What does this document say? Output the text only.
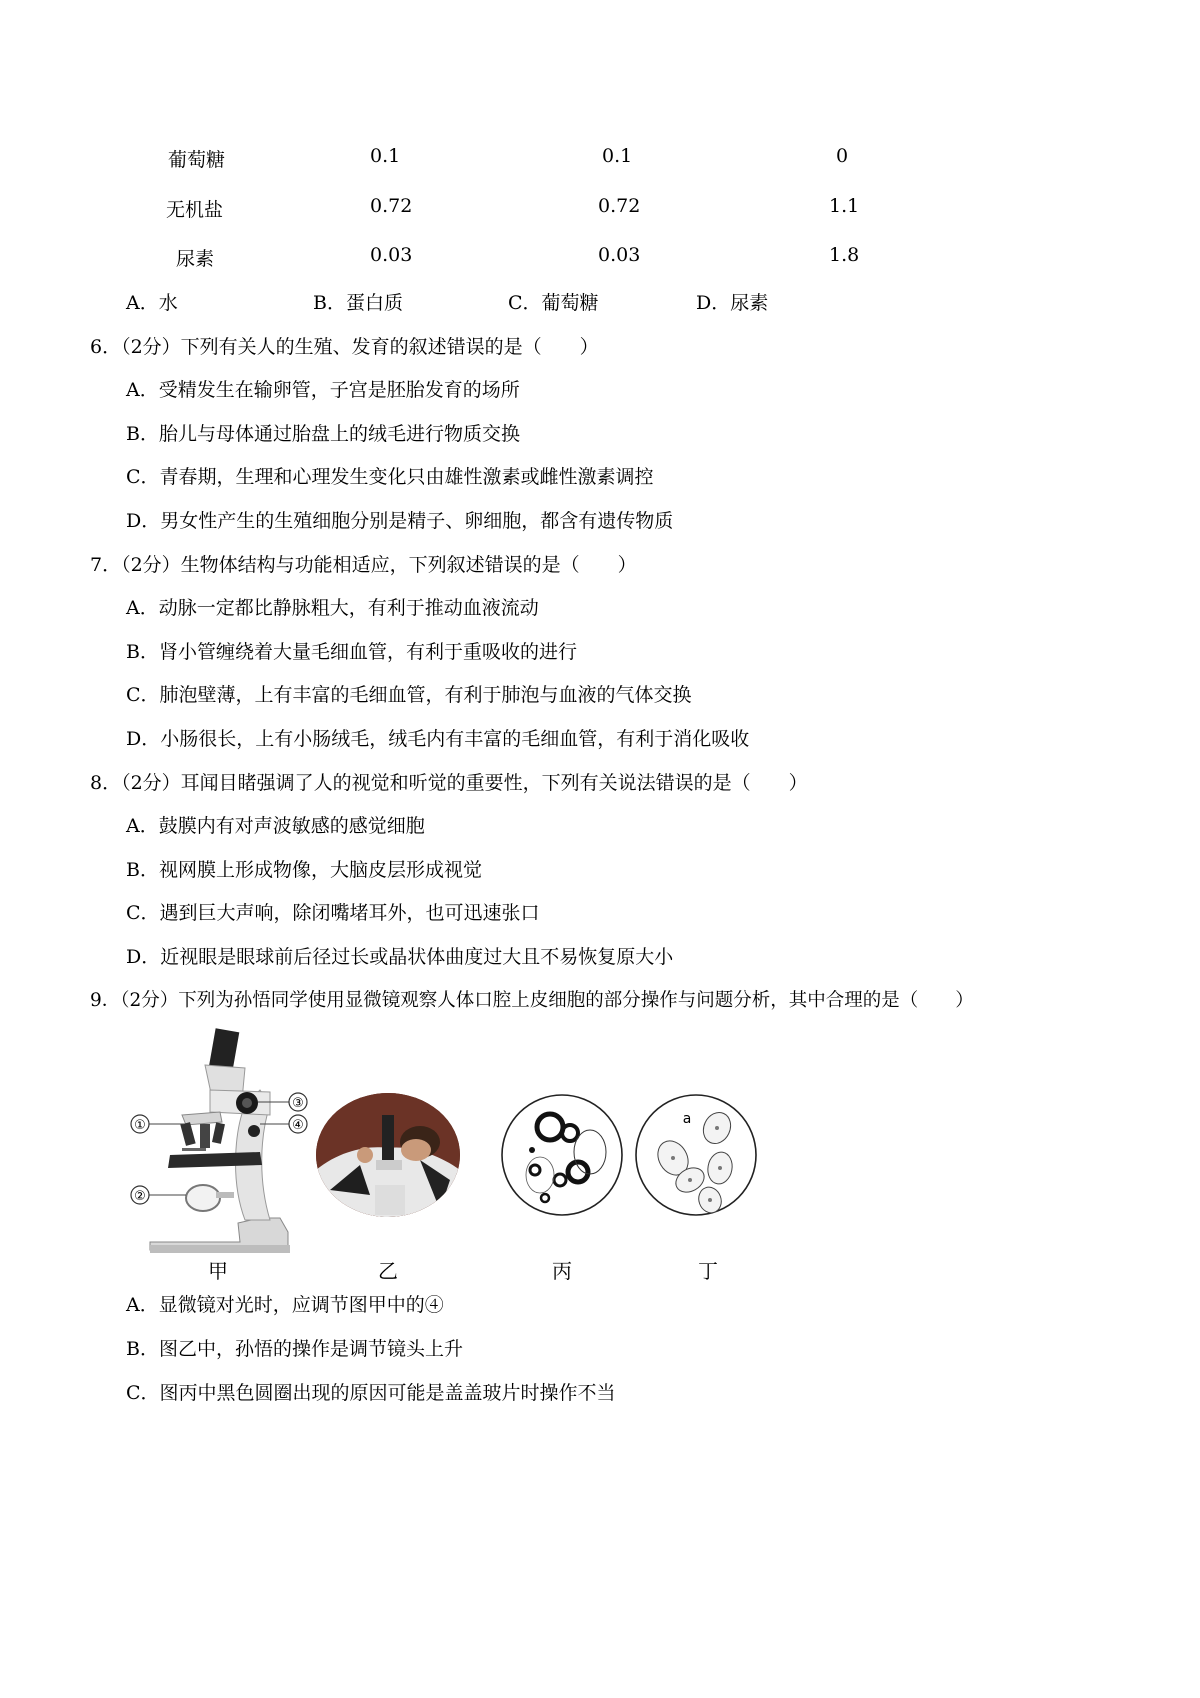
葡萄糖	0.1	0.1	0
无机盐	0.72	0.72	1.1
尿素	0.03	0.03	1.8
A．水	B．蛋白质	C．葡萄糖	D．尿素
6．（2分）下列有关人的生殖、发育的叙述错误的是（　　）
A．受精发生在输卵管，子宫是胚胎发育的场所
B．胎儿与母体通过胎盘上的绒毛进行物质交换
C．青春期，生理和心理发生变化只由雄性激素或雌性激素调控
D．男女性产生的生殖细胞分别是精子、卵细胞，都含有遗传物质
7．（2分）生物体结构与功能相适应，下列叙述错误的是（　　）
A．动脉一定都比静脉粗大，有利于推动血液流动
B．肾小管缠绕着大量毛细血管，有利于重吸收的进行
C．肺泡壁薄，上有丰富的毛细血管，有利于肺泡与血液的气体交换
D．小肠很长，上有小肠绒毛，绒毛内有丰富的毛细血管，有利于消化吸收
8．（2分）耳闻目睹强调了人的视觉和听觉的重要性，下列有关说法错误的是（　　）
A．鼓膜内有对声波敏感的感觉细胞
B．视网膜上形成物像，大脑皮层形成视觉
C．遇到巨大声响，除闭嘴堵耳外，也可迅速张口
D．近视眼是眼球前后径过长或晶状体曲度过大且不易恢复原大小
9．（2分）下列为孙悟同学使用显微镜观察人体口腔上皮细胞的部分操作与问题分析，其中合理的是（　　）
①
②
③
④	a
甲	乙	丙	丁
A．显微镜对光时，应调节图甲中的④
B．图乙中，孙悟的操作是调节镜头上升
C．图丙中黑色圆圈出现的原因可能是盖盖玻片时操作不当
